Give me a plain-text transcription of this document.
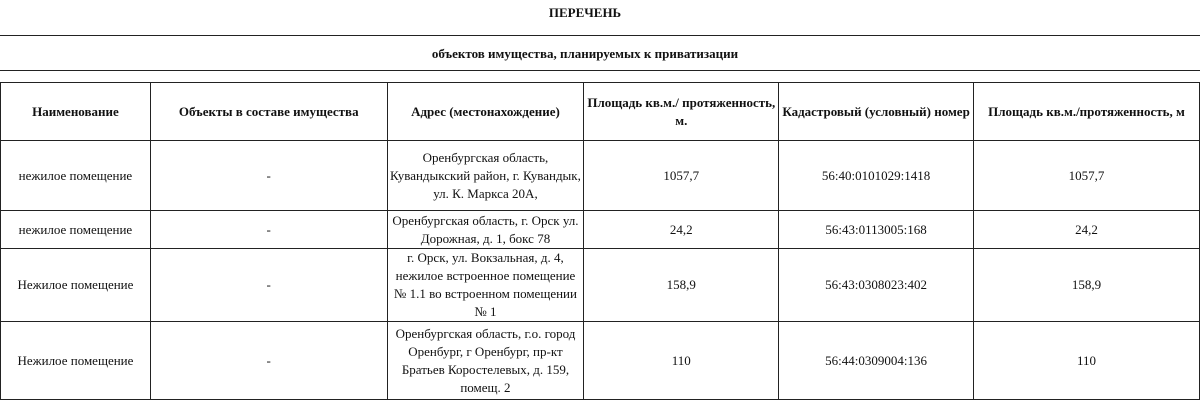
ПЕРЕЧЕНЬ
объектов имущества, планируемых к приватизации
Наименование	Объекты в составе имущества	Адрес (местонахождение)	Площадь кв.м./ протяженность, м.	Кадастровый (условный) номер	Площадь кв.м./протяженность, м
нежилое помещение	-	Оренбургская область, Кувандыкский район, г. Кувандык, ул. К. Маркса 20А,	1057,7	56:40:0101029:1418	1057,7
нежилое помещение	-	Оренбургская область, г. Орск ул. Дорожная, д. 1, бокс 78	24,2	56:43:0113005:168	24,2
Нежилое помещение	-	г. Орск, ул. Вокзальная, д. 4, нежилое встроенное помещение № 1.1 во встроенном помещении № 1	158,9	56:43:0308023:402	158,9
Нежилое помещение	-	Оренбургская область, г.о. город Оренбург, г Оренбург, пр-кт Братьев Коростелевых, д. 159, помещ. 2	110	56:44:0309004:136	110
